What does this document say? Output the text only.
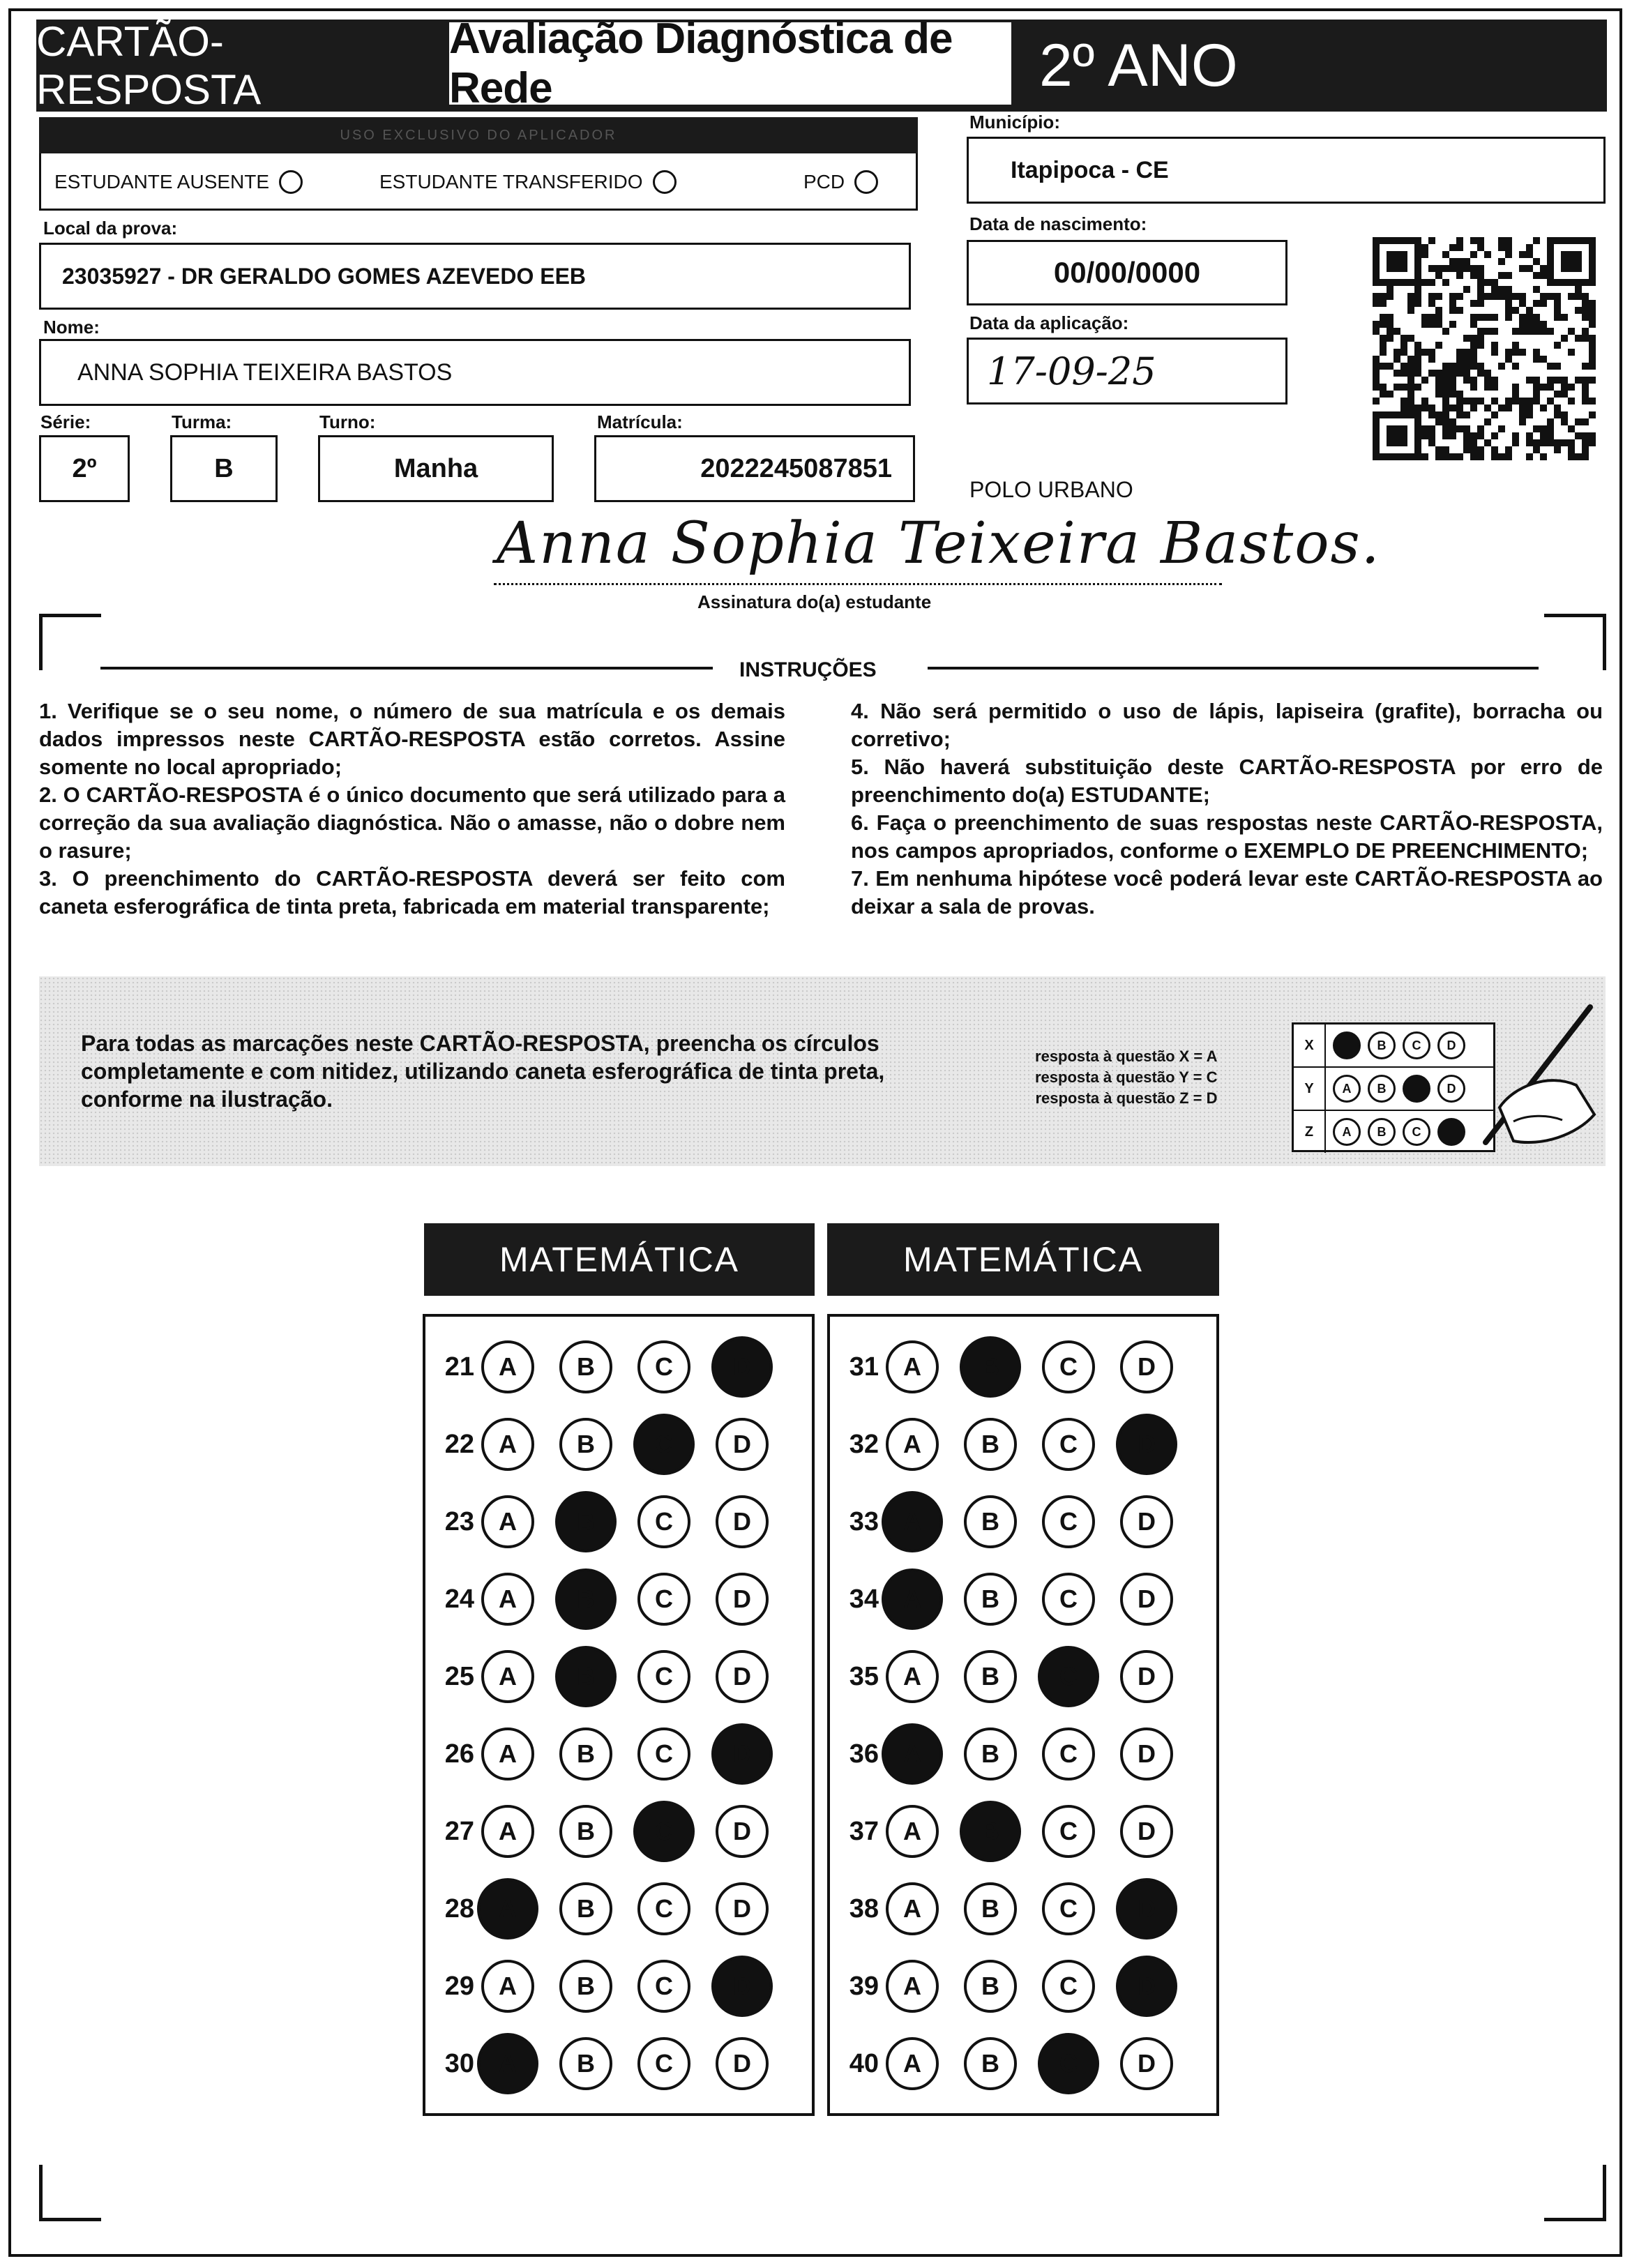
CARTÃO-RESPOSTA
Avaliação Diagnóstica de Rede	2º ANO
USO EXCLUSIVO DO APLICADOR
ESTUDANTE AUSENTE	ESTUDANTE TRANSFERIDO	PCD
Município:
Itapipoca - CE
Local da prova:
23035927 - DR GERALDO GOMES AZEVEDO EEB
Nome:
ANNA SOPHIA TEIXEIRA BASTOS
Data de nascimento:
00/00/0000
Data da aplicação:
17-09-25
Série:
2º
Turma:
B
Turno:
Manha
Matrícula:
2022245087851
POLO URBANO
Anna Sophia Teixeira Bastos.
Assinatura do(a) estudante
INSTRUÇÕES

1. Verifique se o seu nome, o número de sua matrícula e os demais dados impressos neste CARTÃO-RESPOSTA estão corretos. Assine somente no local apropriado;

2. O CARTÃO-RESPOSTA é o único documento que será utilizado para a correção da sua avaliação diagnóstica. Não o amasse, não o dobre nem o rasure;

3. O preenchimento do CARTÃO-RESPOSTA deverá ser feito com caneta esferográfica de tinta preta, fabricada em material transparente;

4. Não será permitido o uso de lápis, lapiseira (grafite), borracha ou corretivo;

5. Não haverá substituição deste CARTÃO-RESPOSTA por erro de preenchimento do(a) ESTUDANTE;

6. Faça o preenchimento de suas respostas neste CARTÃO-RESPOSTA, nos campos apropriados, conforme o EXEMPLO DE PREENCHIMENTO;

7. Em nenhuma hipótese você poderá levar este CARTÃO-RESPOSTA ao deixar a sala de provas.

Para todas as marcações neste CARTÃO-RESPOSTA, preencha os círculos completamente e com nitidez, utilizando caneta esferográfica de tinta preta, conforme na ilustração.
resposta à questão X = A
resposta à questão Y = C
resposta à questão Z = D
X	B	C	D
Y	A	B	D
Z	A	B	C
MATEMÁTICA	MATEMÁTICA
21 A	B	C	D
22 A	B	C	D
23 A	B	C	D
24 A	B	C	D
25 A	B	C	D
26 A	B	C	D
27 A	B	C	D
28 A	B	C	D
29 A	B	C	D
30 A	B	C	D
31 A	B	C	D
32 A	B	C	D
33 A	B	C	D
34 A	B	C	D
35 A	B	C	D
36 A	B	C	D
37 A	B	C	D
38 A	B	C	D
39 A	B	C	D
40 A	B	C	D
